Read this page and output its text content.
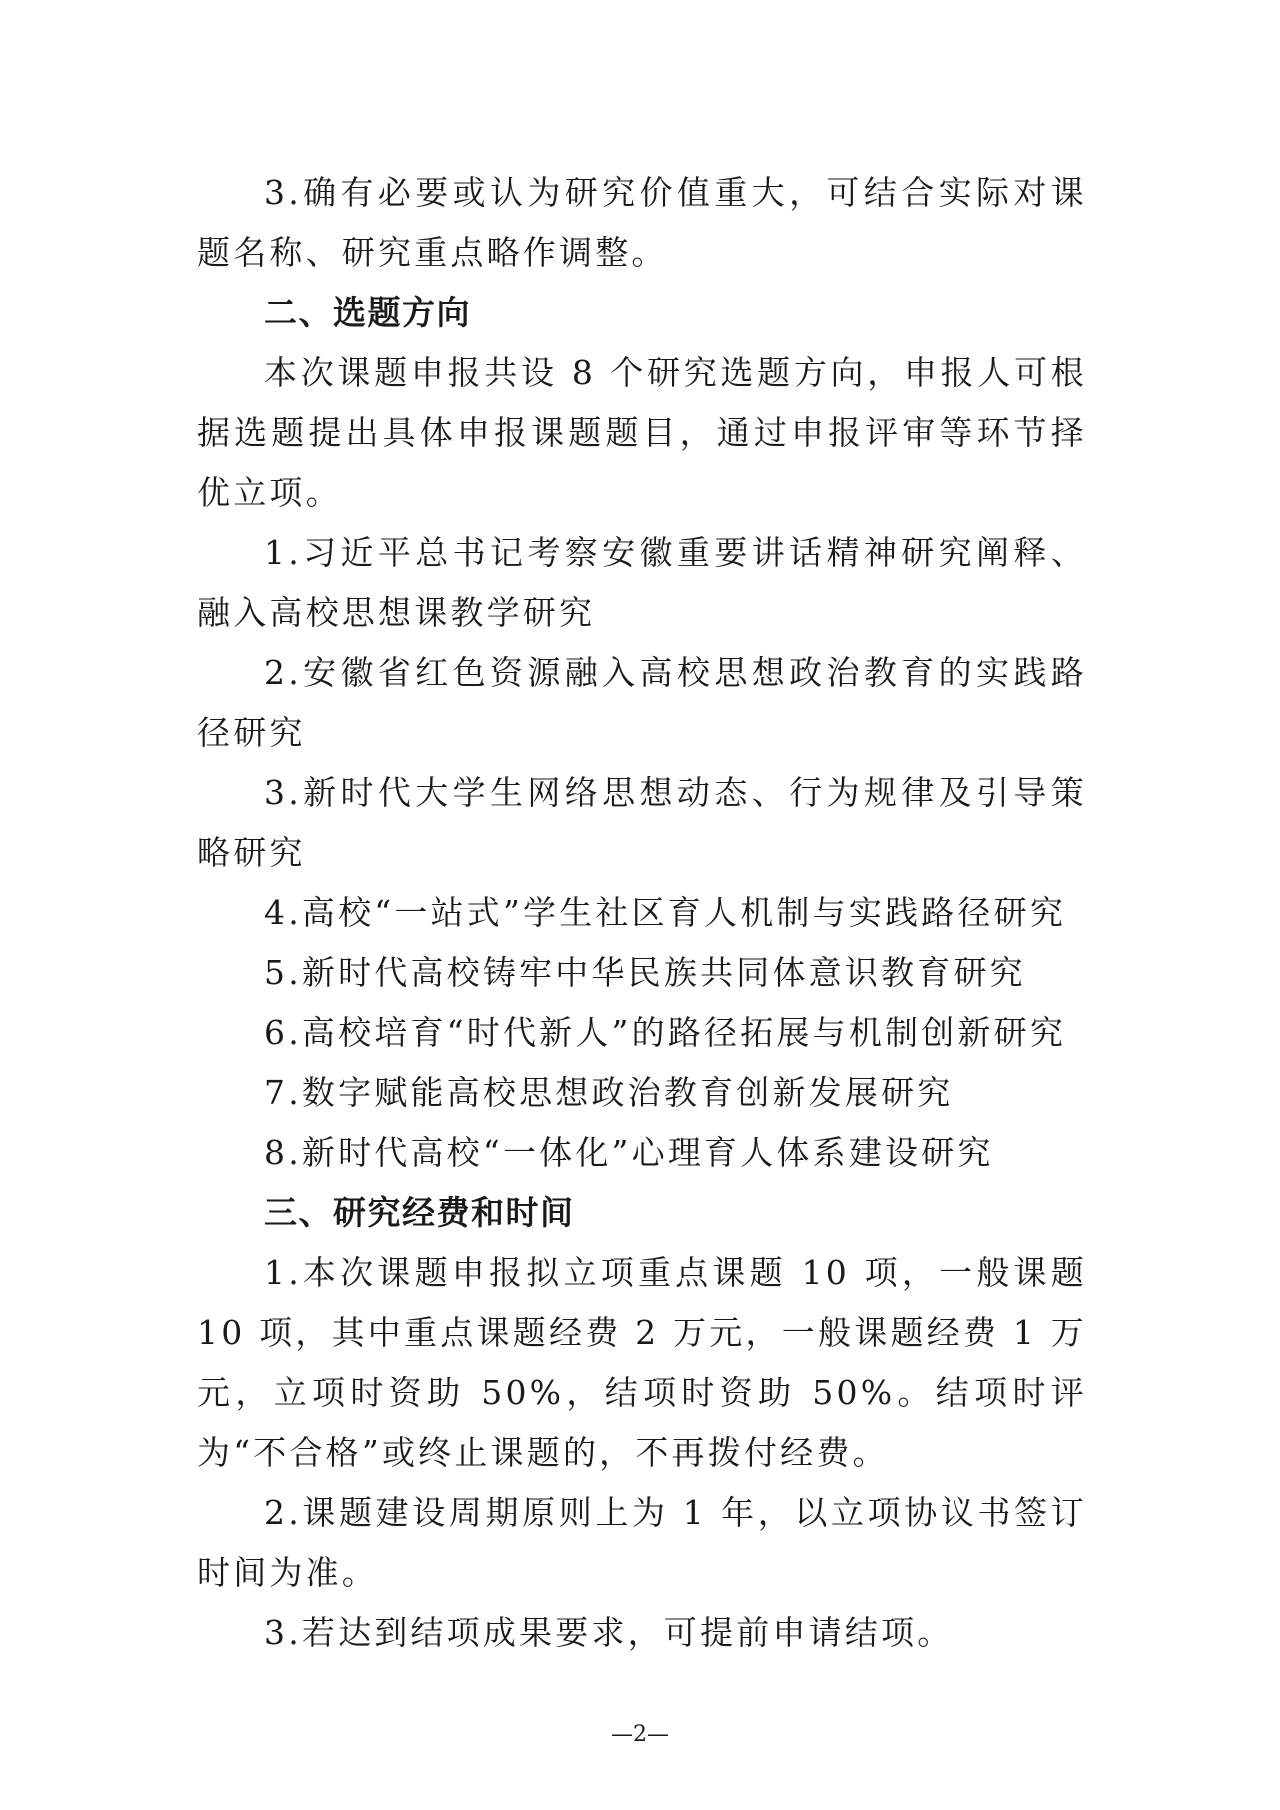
3.确有必要或认为研究价值重大，可结合实际对课题名称、研究重点略作调整。

二、选题方向

本次课题申报共设 8 个研究选题方向，申报人可根据选题提出具体申报课题题目，通过申报评审等环节择优立项。

1.习近平总书记考察安徽重要讲话精神研究阐释、融入高校思想课教学研究

2.安徽省红色资源融入高校思想政治教育的实践路径研究

3.新时代大学生网络思想动态、行为规律及引导策略研究

4.高校“一站式”学生社区育人机制与实践路径研究

5.新时代高校铸牢中华民族共同体意识教育研究

6.高校培育“时代新人”的路径拓展与机制创新研究

7.数字赋能高校思想政治教育创新发展研究

8.新时代高校“一体化”心理育人体系建设研究

三、研究经费和时间

1.本次课题申报拟立项重点课题 10 项，一般课题 10 项，其中重点课题经费 2 万元，一般课题经费 1 万元，立项时资助 50%，结项时资助 50%。结项时评为“不合格”或终止课题的，不再拨付经费。

2.课题建设周期原则上为 1 年，以立项协议书签订时间为准。

3.若达到结项成果要求，可提前申请结项。

—2—
